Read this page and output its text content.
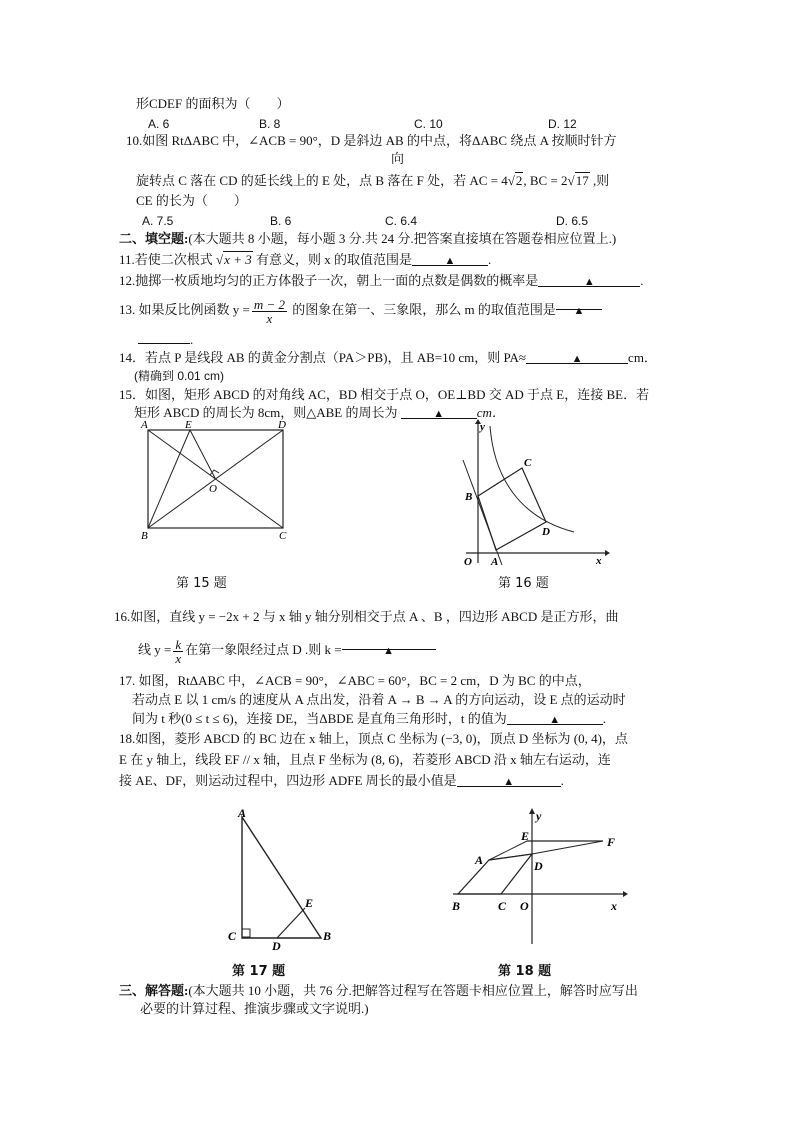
形CDEF 的面积为（　　）
A. 6	B. 8	C. 10	D. 12
10.如图 RtΔABC 中，∠ACB = 90°，D 是斜边 AB 的中点，将ΔABC 绕点 A 按顺时针方
向
旋转点 C 落在 CD 的延长线上的 E 处，点 B 落在 F 处，若 AC = 4√2, BC = 2√17 ,则
CE 的长为（　　）
A. 7.5	B. 6	C. 6.4	D. 6.5
二、填空题:(本大题共 8 小题，每小题 3 分.共 24 分.把答案直接填在答题卷相应位置上.)
11.若使二次根式 √x + 3 有意义，则 x 的取值范围是	▲	.
12.抛掷一枚质地均匀的正方体骰子一次，朝上一面的点数是偶数的概率是	▲	.
13. 如果反比例函数 $y = \frac{m - 2}{x}$ 的图象在第一、三象限，那么 m 的取值范围是 ▲
.
14．若点 P 是线段 AB 的黄金分割点（PA＞PB)，且 AB=10 cm，则 PA≈	▲	cm．
(精确到 0.01 cm)
15．如图，矩形 ABCD 的对角线 AC，BD 相交于点 O，OE⊥BD 交 AD 于点 E，连接 BE．若
矩形 ABCD 的周长为 8cm，则△ABE 的周长为	▲	cm．
A	E	D
O
B	C
第 15 题
y
x
O A
B
C
D
第 16 题
16.如图，直线 y = −2x + 2 与 x 轴 y 轴分别相交于点 A 、B ，四边形 ABCD 是正方形，曲
线 $y = \frac{k}{x}$ 在第一象限经过点 D .则 k =	▲
17. 如图，RtΔABC 中，∠ACB = 90°，∠ABC = 60°，BC = 2 cm，D 为 BC 的中点，
若动点 E 以 1 cm/s 的速度从 A 点出发，沿着 A → B → A 的方向运动，设 E 点的运动时
间为 t 秒(0 ≤ t ≤ 6)，连接 DE，当ΔBDE 是直角三角形时，t 的值为	▲	.
18.如图，菱形 ABCD 的 BC 边在 x 轴上，顶点 C 坐标为 (−3, 0)，顶点 D 坐标为 (0, 4)，点
E 在 y 轴上，线段 EF // x 轴，且点 F 坐标为 (8, 6)，若菱形 ABCD 沿 x 轴左右运动，连
接 AE、DF，则运动过程中，四边形 ADFE 周长的最小值是	▲	.
A
E
C
D
B
第 17 题
y
E	F
A	D
B	C O	x
第 18 题
三、解答题:(本大题共 10 小题，共 76 分.把解答过程写在答题卡相应位置上，解答时应写出
必要的计算过程、推演步骤或文字说明.)
